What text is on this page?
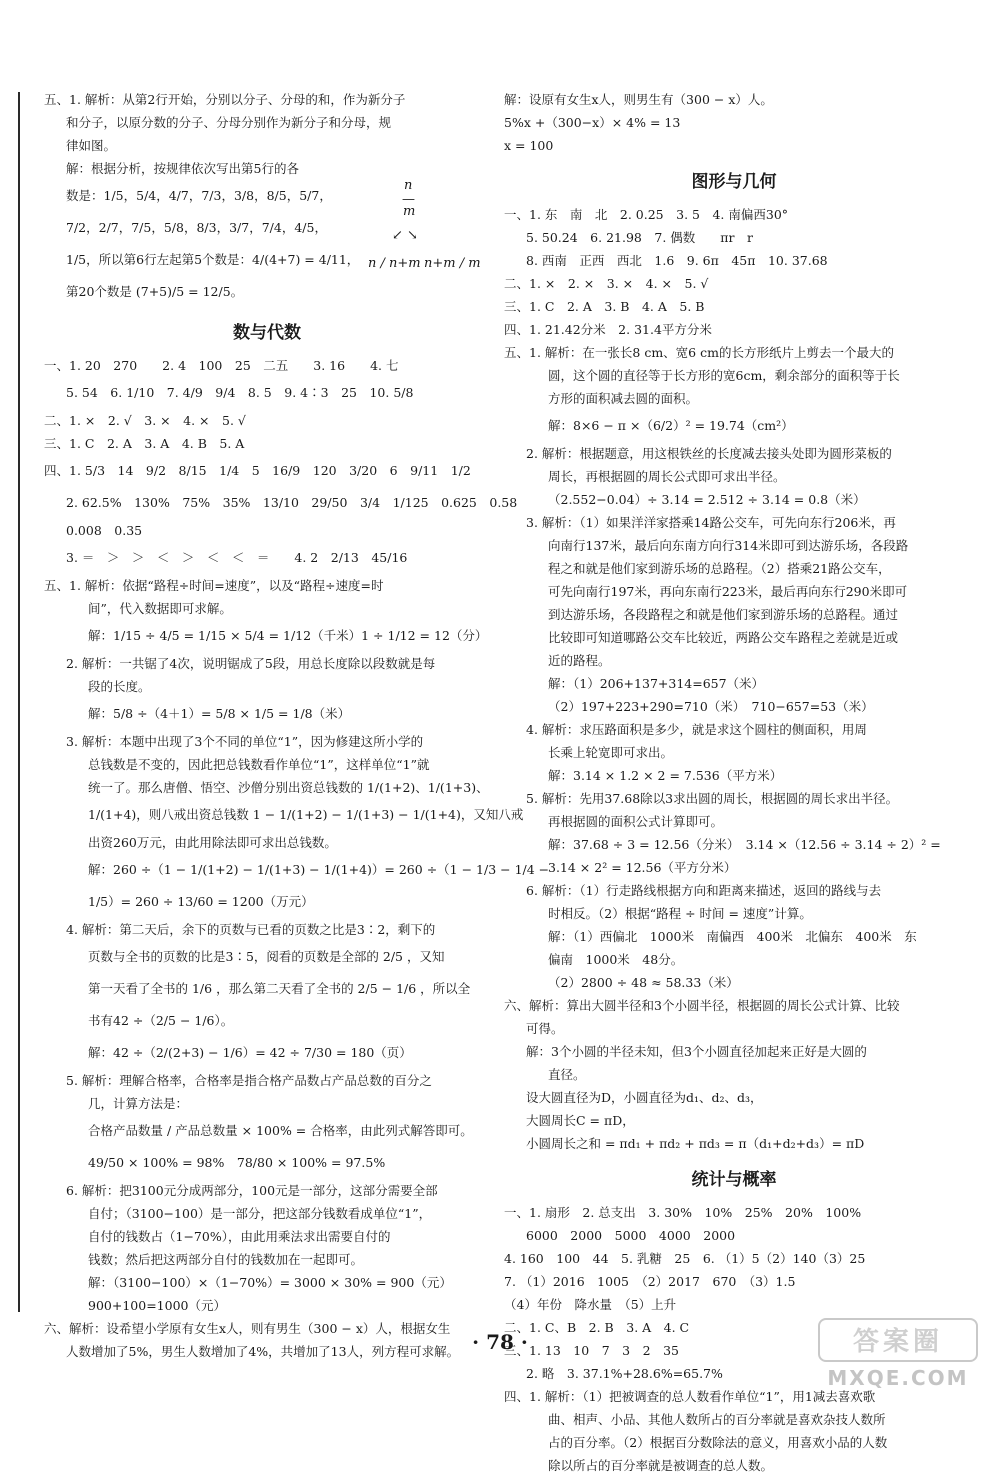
五、1. 解析：从第2行开始，分别以分子、分母的和，作为新分子
和分子，以原分数的分子、分母分别作为新分子和分母，规
律如图。
解：根据分析，按规律依次写出第5行的各
数是：1/5，5/4，4/7，7/3，3/8，8/5，5/7，
7/2，2/7，7/5，5/8，8/3，3/7，7/4，4/5，
1/5，所以第6行左起第5个数是：4/(4+7) = 4/11，
第20个数是 (7+5)/5 = 12/5。
数与代数
一、1. 20　270　　2. 4　100　25　二五　　3. 16　　4. 七
5. 54　6. 1/10　7. 4/9　9/4　8. 5　9. 4∶3　25　10. 5/8
二、1. ×　2. √　3. ×　4. ×　5. √
三、1. C　2. A　3. A　4. B　5. A
四、1. 5/3　14　9/2　8/15　1/4　5　16/9　120　3/20　6　9/11　1/2
2. 62.5%　130%　75%　35%　13/10　29/50　3/4　1/125　0.625　0.58
0.008　0.35
3. ＝　＞　＞　＜　＞　＜　＜　＝　　4. 2　2/13　45/16
五、1. 解析：依据“路程÷时间=速度”，以及“路程÷速度=时
间”，代入数据即可求解。
解：1/15 ÷ 4/5 = 1/15 × 5/4 = 1/12（千米）1 ÷ 1/12 = 12（分）
2. 解析：一共锯了4次，说明锯成了5段，用总长度除以段数就是每
段的长度。
解：5/8 ÷（4＋1）= 5/8 × 1/5 = 1/8（米）
3. 解析：本题中出现了3个不同的单位“1”，因为修建这所小学的
总钱数是不变的，因此把总钱数看作单位“1”，这样单位“1”就
统一了。那么唐僧、悟空、沙僧分别出资总钱数的 1/(1+2)、1/(1+3)、
1/(1+4)，则八戒出资总钱数 1 − 1/(1+2) − 1/(1+3) − 1/(1+4)，又知八戒
出资260万元，由此用除法即可求出总钱数。
解：260 ÷（1 − 1/(1+2) − 1/(1+3) − 1/(1+4)）= 260 ÷（1 − 1/3 − 1/4 −
1/5）= 260 ÷ 13/60 = 1200（万元）
4. 解析：第二天后，余下的页数与已看的页数之比是3∶2，剩下的
页数与全书的页数的比是3∶5，阅看的页数是全部的 2/5 ，又知
第一天看了全书的 1/6 ，那么第二天看了全书的 2/5 − 1/6 ，所以全
书有42 ÷（2/5 − 1/6）。
解：42 ÷（2/(2+3) − 1/6）= 42 ÷ 7/30 = 180（页）
5. 解析：理解合格率，合格率是指合格产品数占产品总数的百分之
几，计算方法是：
合格产品数量 / 产品总数量 × 100% = 合格率，由此列式解答即可。
49/50 × 100% = 98%　78/80 × 100% = 97.5%
6. 解析：把3100元分成两部分，100元是一部分，这部分需要全部
自付；（3100−100）是一部分，把这部分钱数看成单位“1”，
自付的钱数占（1−70%），由此用乘法求出需要自付的
钱数；然后把这两部分自付的钱数加在一起即可。
解：（3100−100）×（1−70%）= 3000 × 30% = 900（元）
900+100=1000（元）
六、解析：设希望小学原有女生x人，则有男生（300 − x）人，根据女生
人数增加了5%，男生人数增加了4%，共增加了13人，列方程可求解。
解：设原有女生x人，则男生有（300 − x）人。
5%x +（300−x）× 4% = 13
x = 100
图形与几何
一、1. 东　南　北　2. 0.25　3. 5　4. 南偏西30°
5. 50.24　6. 21.98　7. 偶数　　πr　r
8. 西南　正西　西北　1.6　9. 6π　45π　10. 37.68
二、1. ×　2. ×　3. ×　4. ×　5. √
三、1. C　2. A　3. B　4. A　5. B
四、1. 21.42分米　2. 31.4平方分米
五、1. 解析：在一张长8 cm、宽6 cm的长方形纸片上剪去一个最大的
圆，这个圆的直径等于长方形的宽6cm，剩余部分的面积等于长
方形的面积减去圆的面积。
解：8×6 − π ×（6/2）² = 19.74（cm²）
2. 解析：根据题意，用这根铁丝的长度减去接头处即为圆形菜板的
周长，再根据圆的周长公式即可求出半径。
（2.552−0.04）÷ 3.14 = 2.512 ÷ 3.14 = 0.8（米）
3. 解析：（1）如果洋洋家搭乘14路公交车，可先向东行206米，再
向南行137米，最后向东南方向行314米即可到达游乐场，各段路
程之和就是他们家到游乐场的总路程。（2）搭乘21路公交车，
可先向南行197米，再向东南行223米，最后再向东行290米即可
到达游乐场，各段路程之和就是他们家到游乐场的总路程。通过
比较即可知道哪路公交车比较近，两路公交车路程之差就是近或
近的路程。
解：（1）206+137+314=657（米）
（2）197+223+290=710（米）　710−657=53（米）
4. 解析：求压路面积是多少，就是求这个圆柱的侧面积，用周
长乘上轮宽即可求出。
解：3.14 × 1.2 × 2 = 7.536（平方米）
5. 解析：先用37.68除以3求出圆的周长，根据圆的周长求出半径。
再根据圆的面积公式计算即可。
解：37.68 ÷ 3 = 12.56（分米）　3.14 ×（12.56 ÷ 3.14 ÷ 2）² =
3.14 × 2² = 12.56（平方分米）
6. 解析：（1）行走路线根据方向和距离来描述，返回的路线与去
时相反。（2）根据“路程 ÷ 时间 = 速度”计算。
解：（1）西偏北　1000米　南偏西　400米　北偏东　400米　东
偏南　1000米　48分。
（2）2800 ÷ 48 ≈ 58.33（米）
六、解析：算出大圆半径和3个小圆半径，根据圆的周长公式计算、比较
可得。
解：3个小圆的半径未知，但3个小圆直径加起来正好是大圆的
直径。
设大圆直径为D，小圆直径为d₁、d₂、d₃，
大圆周长C = πD，
小圆周长之和 = πd₁ + πd₂ + πd₃ = π（d₁+d₂+d₃）= πD
统计与概率
一、1. 扇形　2. 总支出　3. 30%　10%　25%　20%　100%
6000　2000　5000　4000　2000
4. 160　100　44　5. 乳糖　25　6. （1）5（2）140（3）25
7. （1）2016　1005　（2）2017　670　（3）1.5
（4）年份　降水量　（5）上升
二、1. C、B　2. B　3. A　4. C
三、1. 13　10　7　3　2　35
2. 略　3. 37.1%+28.6%=65.7%
四、1. 解析：（1）把被调查的总人数看作单位“1”，用1减去喜欢歌
曲、相声、小品、其他人数所占的百分率就是喜欢杂技人数所
占的百分率。（2）根据百分数除法的意义，用喜欢小品的人数
除以所占的百分率就是被调查的总人数。
n
—
m
↙ ↘
n / n+m n+m / m
· 78 ·	答案圈
MXQE.COM
